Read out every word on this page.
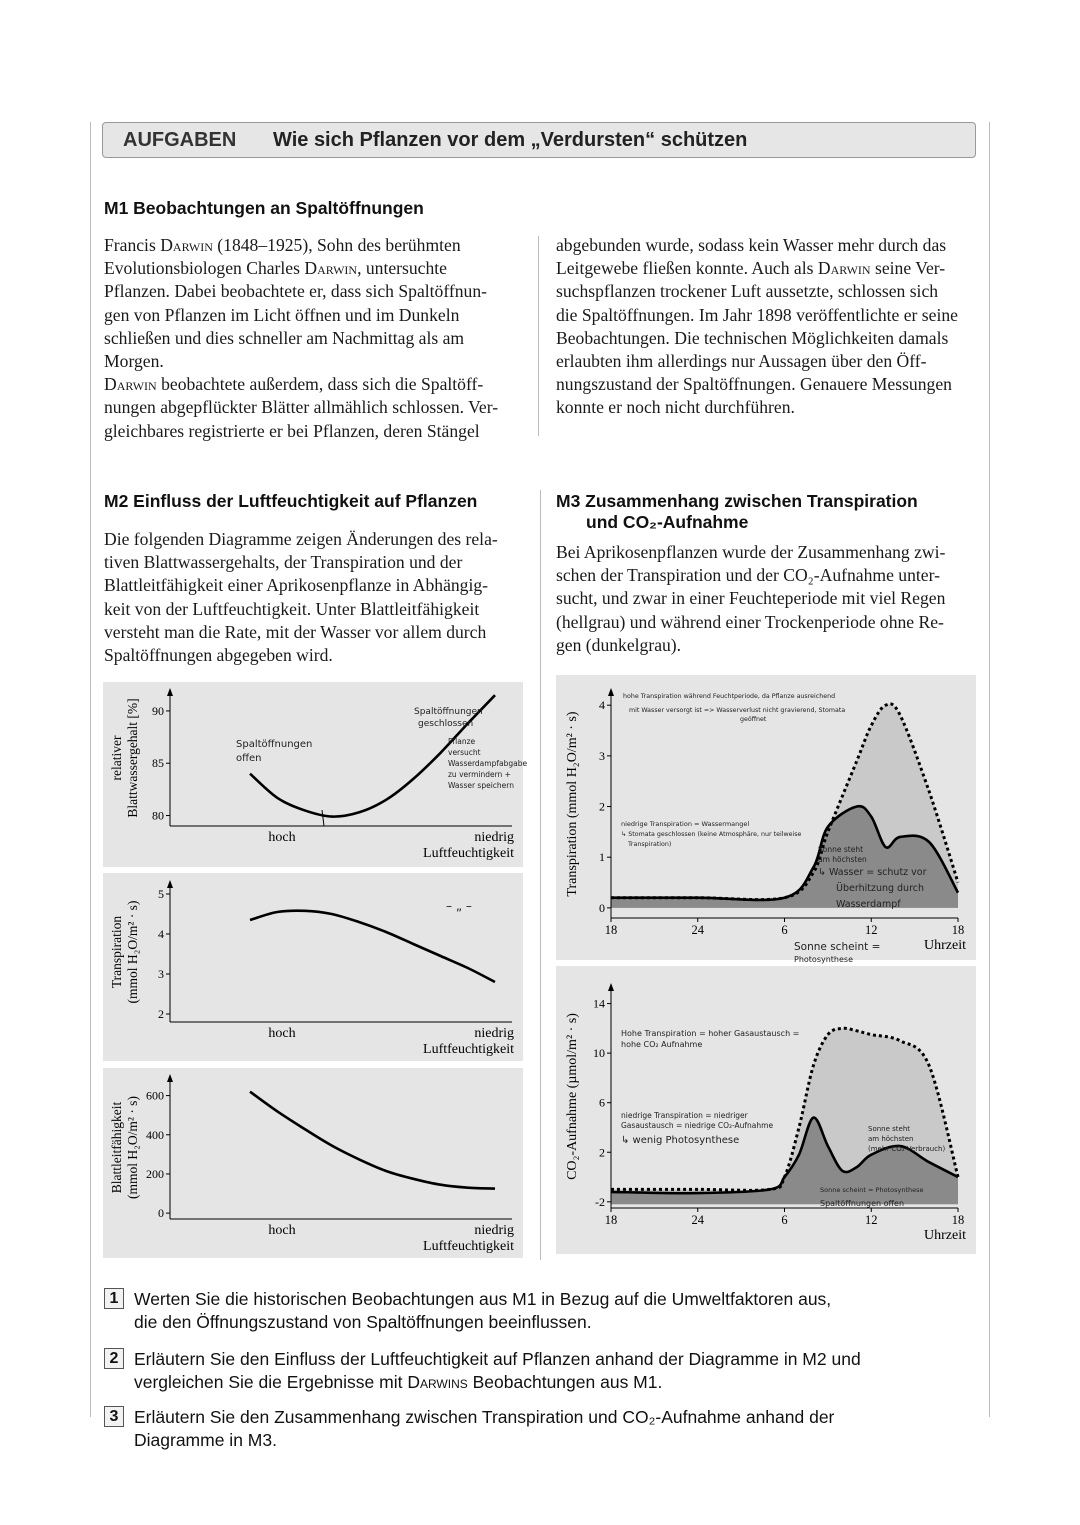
AUFGABEN Wie sich Pflanzen vor dem „Verdursten“ schützen
M1 Beobachtungen an Spaltöffnungen

Francis Darwin (1848–1925), Sohn des berühmten

Evolutionsbiologen Charles Darwin, untersuchte

Pflanzen. Dabei beobachtete er, dass sich Spaltöffnun-

gen von Pflanzen im Licht öffnen und im Dunkeln

schließen und dies schneller am Nachmittag als am

Morgen.

Darwin beobachtete außerdem, dass sich die Spaltöff-

nungen abgepflückter Blätter allmählich schlossen. Ver-

gleichbares registrierte er bei Pflanzen, deren Stängel

abgebunden wurde, sodass kein Wasser mehr durch das

Leitgewebe fließen konnte. Auch als Darwin seine Ver-

suchspflanzen trockener Luft aussetzte, schlossen sich

die Spaltöffnungen. Im Jahr 1898 veröffentlichte er seine

Beobachtungen. Die technischen Möglichkeiten damals

erlaubten ihm allerdings nur Aussagen über den Öff-

nungszustand der Spaltöffnungen. Genauere Messungen

konnte er noch nicht durchführen.

M2 Einfluss der Luftfeuchtigkeit auf Pflanzen

Die folgenden Diagramme zeigen Änderungen des rela-

tiven Blattwassergehalts, der Transpiration und der

Blattleitfähigkeit einer Aprikosenpflanze in Abhängig-

keit von der Luftfeuchtigkeit. Unter Blattleitfähigkeit

versteht man die Rate, mit der Wasser vor allem durch

Spaltöffnungen abgegeben wird.

M3 Zusammenhang zwischen Transpiration
und CO₂-Aufnahme

Bei Aprikosenpflanzen wurde der Zusammenhang zwi-

schen der Transpiration und der CO₂-Aufnahme unter-

sucht, und zwar in einer Feuchteperiode mit viel Regen

(hellgrau) und während einer Trockenperiode ohne Re-

gen (dunkelgrau).

80
85
90
hoch	niedrig
Luftfeuchtigkeit
relativerBlattwassergehalt [%]
2
3
4
5
hoch	niedrig
Luftfeuchtigkeit
Transpiration(mmol H₂O/m² · s)
0
200
400
600
hoch	niedrig
Luftfeuchtigkeit
Blattleitfähigkeit(mmol H₂O/m² · s)
Spaltöffnungen
offen
Spaltöffnungen
geschlossen
Pflanze
versucht
Wasserdampfabgabe
zu vermindern +
Wasser speichern
– „ –	0
1
2
3
4
18	24	6	12	18
Uhrzeit
Transpiration (mmol H₂O/m² · s)
-2
2
6
10
14
18	24	6	12	18
Uhrzeit
CO₂-Aufnahme (µmol/m² · s)
hohe Transpiration während Feuchtperiode, da Pflanze ausreichend
mit Wasser versorgt ist => Wasserverlust nicht gravierend, Stomata
geöffnet
niedrige Transpiration = Wassermangel
↳ Stomata geschlossen (keine Atmosphäre, nur teilweise
Transpiration)
Sonne steht
am höchsten
↳ Wasser = schutz vor
Überhitzung durch
Wasserdampf
Sonne scheint =
Photosynthese
Hohe Transpiration = hoher Gasaustausch =
hohe CO₂ Aufnahme
niedrige Transpiration = niedriger
Gasaustausch = niedrige CO₂-Aufnahme
↳ wenig Photosynthese
Sonne steht
am höchsten
(mehr CO₂-Verbrauch)
Sonne scheint = Photosynthese
Spaltöffnungen offen
1 Werten Sie die historischen Beobachtungen aus M1 in Bezug auf die Umweltfaktoren aus,
die den Öffnungszustand von Spaltöffnungen beeinflussen.
2 Erläutern Sie den Einfluss der Luftfeuchtigkeit auf Pflanzen anhand der Diagramme in M2 und
vergleichen Sie die Ergebnisse mit Darwins Beobachtungen aus M1.
3 Erläutern Sie den Zusammenhang zwischen Transpiration und CO₂-Aufnahme anhand der
Diagramme in M3.
